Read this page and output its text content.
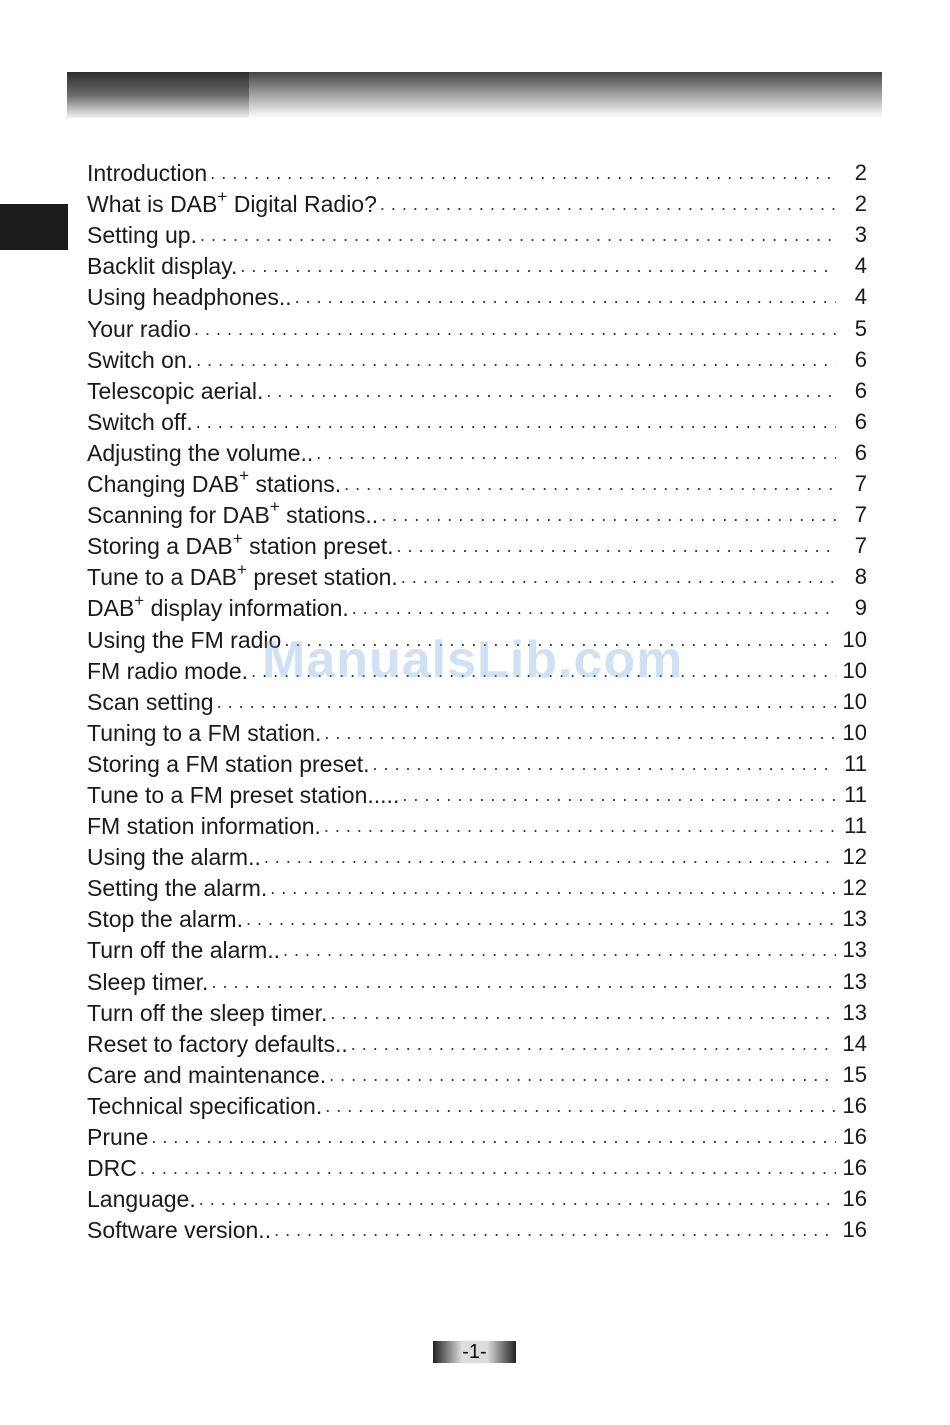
Introduction . . .	2
What is DAB+ Digital Radio? . . .	2
Setting up. . . .	3
Backlit display. . . .	4
Using headphones.. . . .	4
Your radio . . .	5
Switch on. . . .	6
Telescopic aerial. . . .	6
Switch off. . . .	6
Adjusting the volume.. . . .	6
Changing DAB+ stations. . . .	7
Scanning for DAB+ stations.. . . .	7
Storing a DAB+ station preset. . . .	7
Tune to a DAB+ preset station. . . .	8
DAB+ display information. . . .	9
Using the FM radio . . .	10
FM radio mode. . . .	10
Scan setting . . .	10
Tuning to a FM station. . . .	10
Storing a FM station preset. . . .	11
Tune to a FM preset station..... . . .	11
FM station information. . . .	11
Using the alarm.. . . .	12
Setting the alarm. . . .	12
Stop the alarm. . . .	13
Turn off the alarm.. . . .	13
Sleep timer. . . .	13
Turn off the sleep timer. . . .	13
Reset to factory defaults.. . . .	14
Care and maintenance. . . .	15
Technical specification. . . .	16
Prune . . .	16
DRC . . .	16
Language. . . .	16
Software version.. . . .	16
ManualsLib.com
-1-
